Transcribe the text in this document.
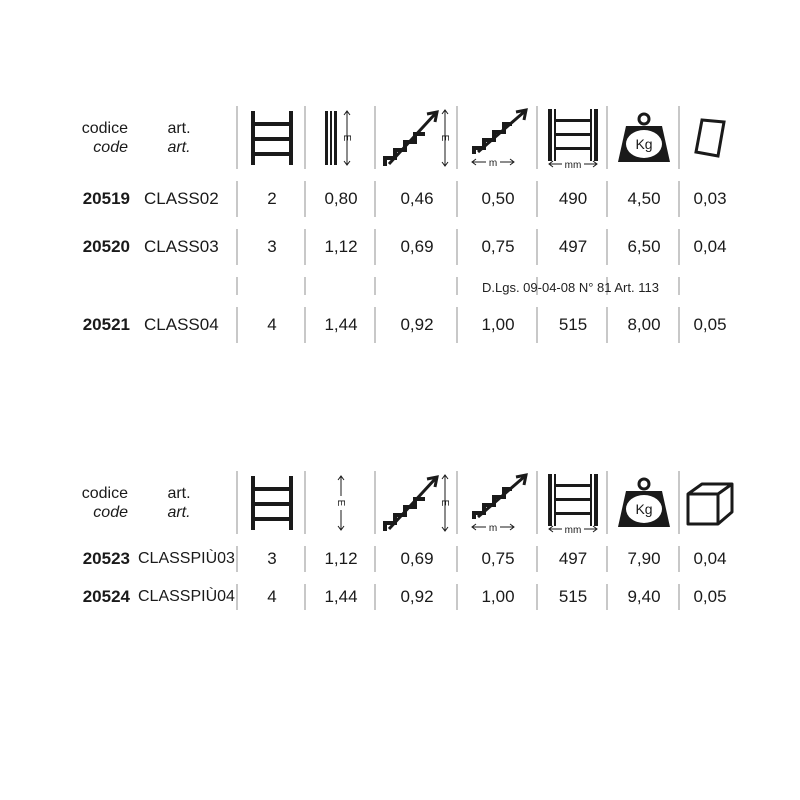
codice
code
art.
art.
E	E
m	mm
Kg
20519 CLASS02	2	0,80	0,46	0,50	490	4,50	0,03
20520 CLASS03	3	1,12	0,69	0,75	497	6,50	0,04
20521 CLASS04	4	1,44	0,92	1,00	515	8,00	0,05
D.Lgs. 09-04-08 N° 81 Art. 113
codice
code
art.
art.
E	E
m	mm
Kg
20523 CLASSPIÙ03	3	1,12	0,69	0,75	497	7,90	0,04
20524 CLASSPIÙ04	4	1,44	0,92	1,00	515	9,40	0,05
